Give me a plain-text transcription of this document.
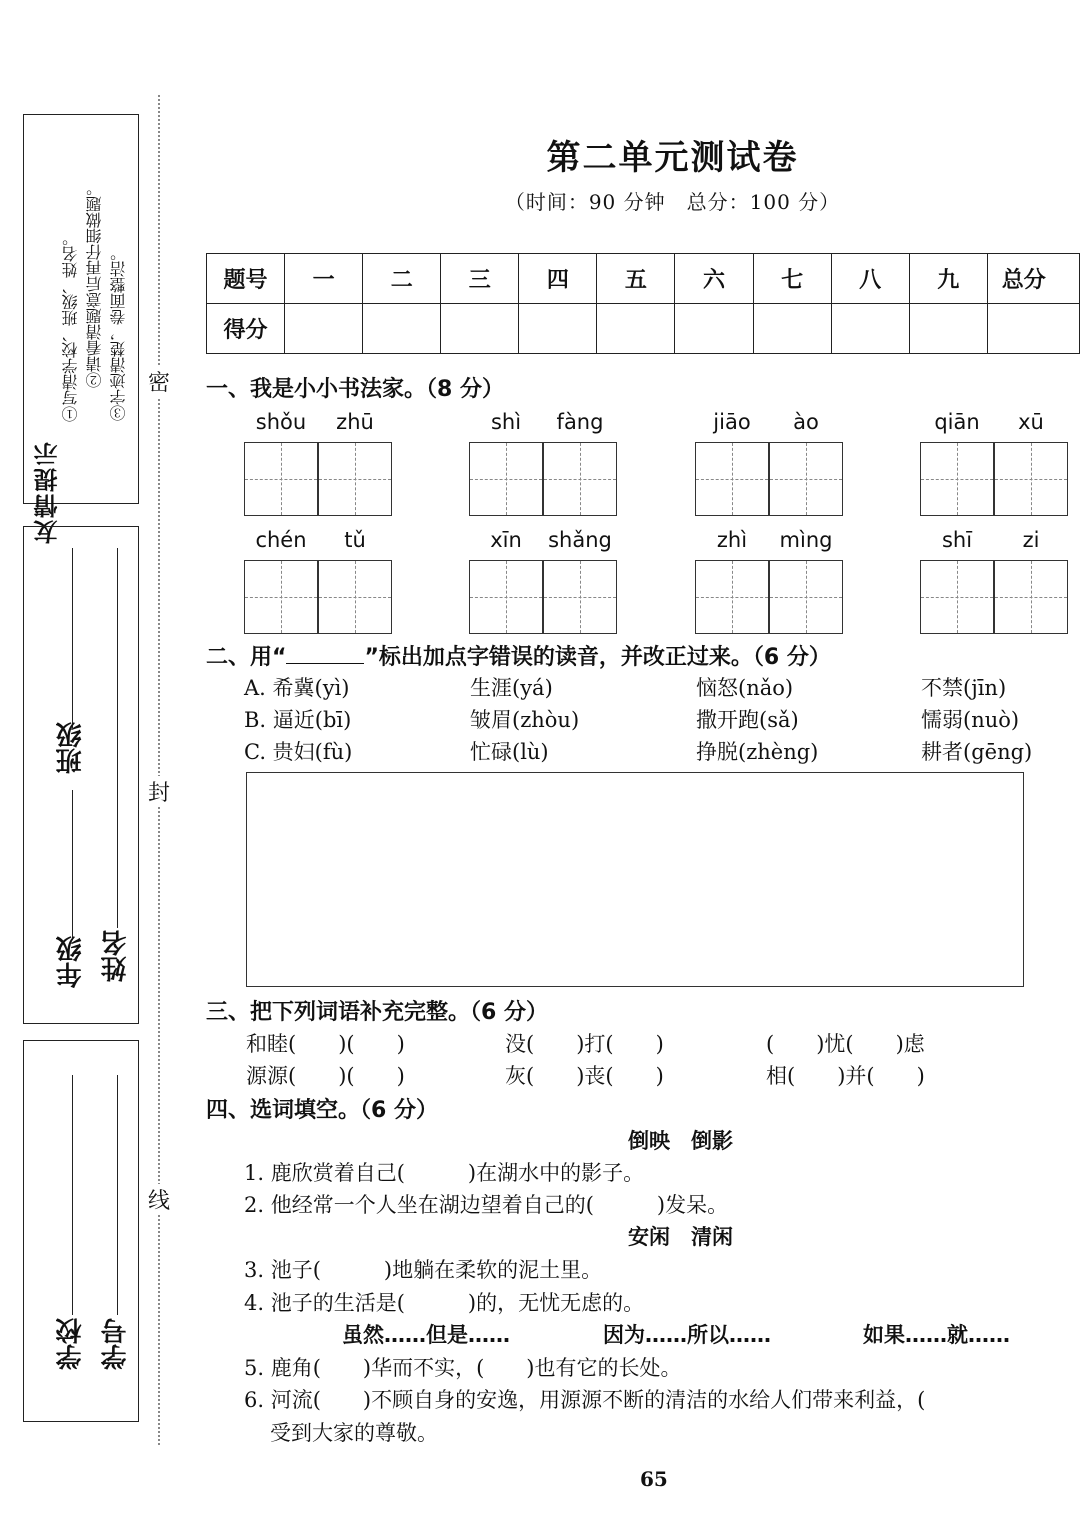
友情提示
①写清学校、班级、姓名。 ②请看清题意后再仔细做题。 ③字迹清楚，卷面整洁。
班级
年级 姓名
学校 学号
密
封
线
第二单元测试卷
（时间：90 分钟　总分：100 分）
题号	一	二	三	四	五	六	七	八	九	总分
得分										
一、我是小小书法家。（8 分）
shǒu	zhū	shì	fàng	jiāo	ào	qiān	xū
chén	tǔ	xīn	shǎng	zhì	mìng	shī	zi
二、用“	”标出加点字错误的读音，并改正过来。（6 分）
A. 希冀(yì)	生涯(yá)	恼怒(nǎo)	不禁(jīn)
B. 逼近(bī)	皱眉(zhòu)	撒开跑(sǎ)	懦弱(nuò)
C. 贵妇(fù)	忙碌(lù)	挣脱(zhèng)	耕者(gēng)
三、把下列词语补充完整。（6 分）
和睦(　　)(　　)	没(　　)打(　　)	(　　)忧(　　)虑
源源(　　)(　　)	灰(　　)丧(　　)	相(　　)并(　　)
四、选词填空。（6 分）
倒映　倒影
1. 鹿欣赏着自己(　　　)在湖水中的影子。
2. 他经常一个人坐在湖边望着自己的(　　　)发呆。
安闲　清闲
3. 池子(　　　)地躺在柔软的泥土里。
4. 池子的生活是(　　　)的，无忧无虑的。
虽然……但是……	因为……所以……	如果……就……
5. 鹿角(　　)华而不实，(　　)也有它的长处。
6. 河流(　　)不顾自身的安逸，用源源不断的清洁的水给人们带来利益，(
受到大家的尊敬。
65
